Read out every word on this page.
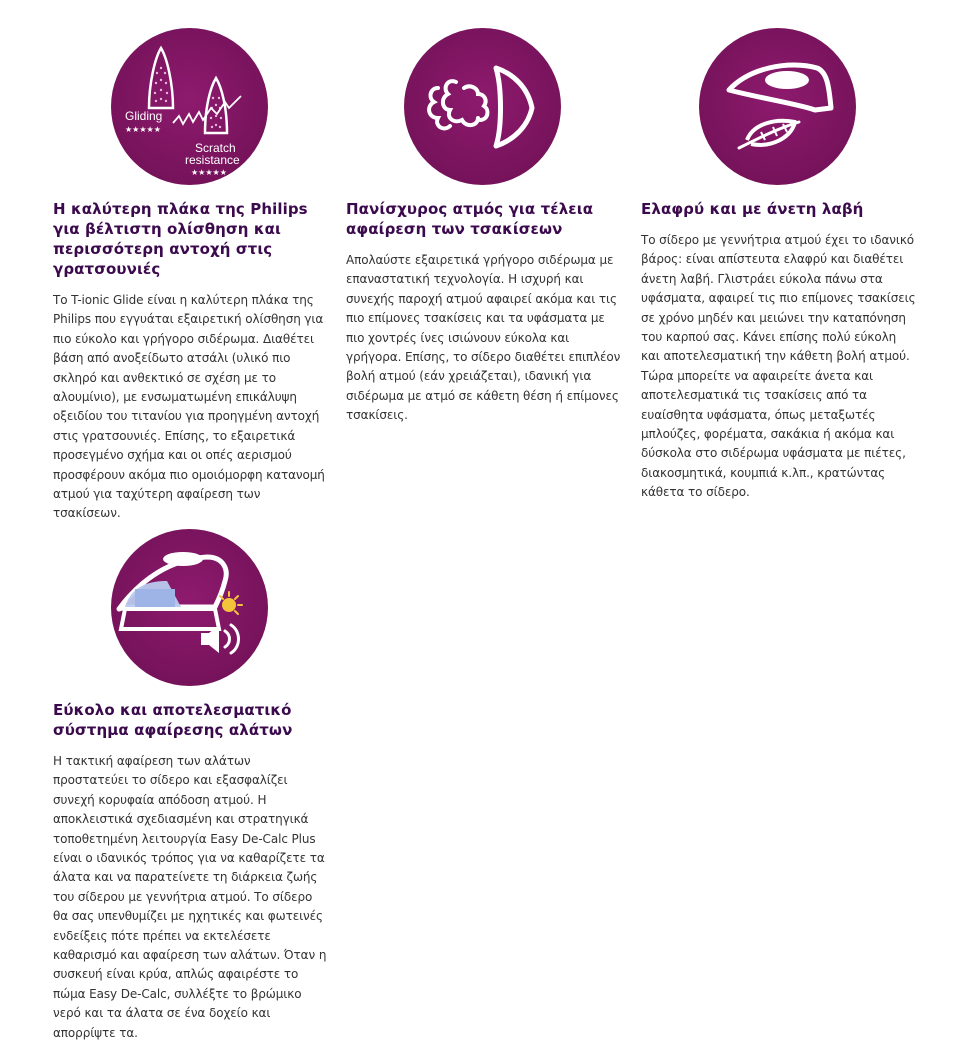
Gliding
★★★★★
Scratch
resistance
★★★★★
Η καλύτερη πλάκα της Philips για βέλτιστη ολίσθηση και περισσότερη αντοχή στις γρατσουνιές

Το T-ionic Glide είναι η καλύτερη πλάκα της Philips που εγγυάται εξαιρετική ολίσθηση για πιο εύκολο και γρήγορο σιδέρωμα. Διαθέτει βάση από ανοξείδωτο ατσάλι (υλικό πιο σκληρό και ανθεκτικό σε σχέση με το αλουμίνιο), με ενσωματωμένη επικάλυψη οξειδίου του τιτανίου για προηγμένη αντοχή στις γρατσουνιές. Επίσης, το εξαιρετικά προσεγμένο σχήμα και οι οπές αερισμού προσφέρουν ακόμα πιο ομοιόμορφη κατανομή ατμού για ταχύτερη αφαίρεση των τσακίσεων.

Πανίσχυρος ατμός για τέλεια αφαίρεση των τσακίσεων

Απολαύστε εξαιρετικά γρήγορο σιδέρωμα με επαναστατική τεχνολογία. Η ισχυρή και συνεχής παροχή ατμού αφαιρεί ακόμα και τις πιο επίμονες τσακίσεις και τα υφάσματα με πιο χοντρές ίνες ισιώνουν εύκολα και γρήγορα. Επίσης, το σίδερο διαθέτει επιπλέον βολή ατμού (εάν χρειάζεται), ιδανική για σιδέρωμα με ατμό σε κάθετη θέση ή επίμονες τσακίσεις.

Ελαφρύ και με άνετη λαβή

Το σίδερο με γεννήτρια ατμού έχει το ιδανικό βάρος: είναι απίστευτα ελαφρύ και διαθέτει άνετη λαβή. Γλιστράει εύκολα πάνω στα υφάσματα, αφαιρεί τις πιο επίμονες τσακίσεις σε χρόνο μηδέν και μειώνει την καταπόνηση του καρπού σας. Κάνει επίσης πολύ εύκολη και αποτελεσματική την κάθετη βολή ατμού. Τώρα μπορείτε να αφαιρείτε άνετα και αποτελεσματικά τις τσακίσεις από τα ευαίσθητα υφάσματα, όπως μεταξωτές μπλούζες, φορέματα, σακάκια ή ακόμα και δύσκολα στο σιδέρωμα υφάσματα με πιέτες, διακοσμητικά, κουμπιά κ.λπ., κρατώντας κάθετα το σίδερο.

Εύκολο και αποτελεσματικό σύστημα αφαίρεσης αλάτων

Η τακτική αφαίρεση των αλάτων προστατεύει το σίδερο και εξασφαλίζει συνεχή κορυφαία απόδοση ατμού. Η αποκλειστικά σχεδιασμένη και στρατηγικά τοποθετημένη λειτουργία Easy De-Calc Plus είναι ο ιδανικός τρόπος για να καθαρίζετε τα άλατα και να παρατείνετε τη διάρκεια ζωής του σίδερου με γεννήτρια ατμού. Το σίδερο θα σας υπενθυμίζει με ηχητικές και φωτεινές ενδείξεις πότε πρέπει να εκτελέσετε καθαρισμό και αφαίρεση των αλάτων. Όταν η συσκευή είναι κρύα, απλώς αφαιρέστε το πώμα Easy De-Calc, συλλέξτε το βρώμικο νερό και τα άλατα σε ένα δοχείο και απορρίψτε τα.
